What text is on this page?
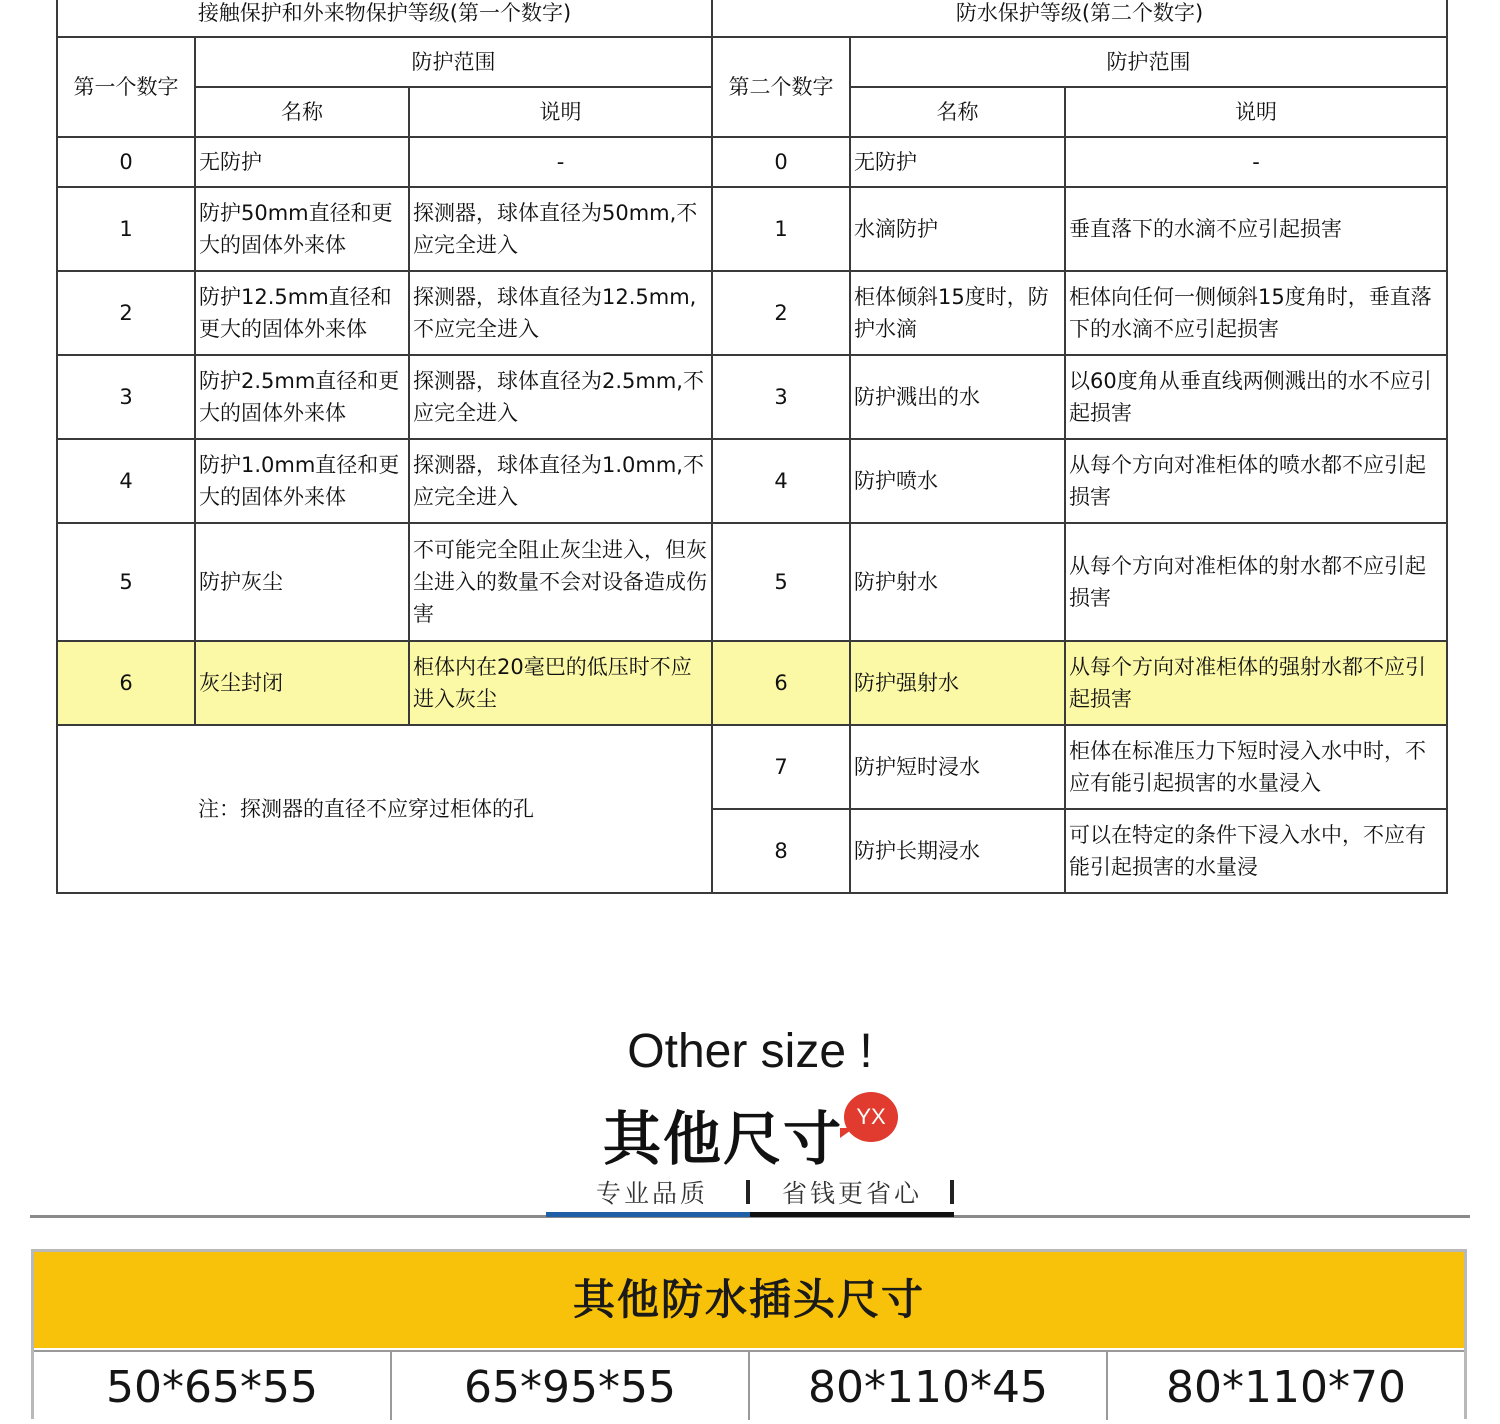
接触保护和外来物保护等级(第一个数字)			防水保护等级(第二个数字)		
第一个数字	防护范围		第二个数字	防护范围	
	名称	说明		名称	说明
0	无防护	-	0	无防护	-
1	防护50mm直径和更大的固体外来体	探测器，球体直径为50mm,不应完全进入	1	水滴防护	垂直落下的水滴不应引起损害
2	防护12.5mm直径和更大的固体外来体	探测器，球体直径为12.5mm,不应完全进入	2	柜体倾斜15度时，防护水滴	柜体向任何一侧倾斜15度角时，垂直落下的水滴不应引起损害
3	防护2.5mm直径和更大的固体外来体	探测器，球体直径为2.5mm,不应完全进入	3	防护溅出的水	以60度角从垂直线两侧溅出的水不应引起损害
4	防护1.0mm直径和更大的固体外来体	探测器，球体直径为1.0mm,不应完全进入	4	防护喷水	从每个方向对准柜体的喷水都不应引起损害
5	防护灰尘	不可能完全阻止灰尘进入，但灰尘进入的数量不会对设备造成伤害	5	防护射水	从每个方向对准柜体的射水都不应引起损害
6	灰尘封闭	柜体内在20毫巴的低压时不应进入灰尘	6	防护强射水	从每个方向对准柜体的强射水都不应引起损害
注：探测器的直径不应穿过柜体的孔			7	防护短时浸水	柜体在标准压力下短时浸入水中时，不应有能引起损害的水量浸入
			8	防护长期浸水	可以在特定的条件下浸入水中，不应有能引起损害的水量浸
Other size !
其他尺寸 YX
专业品质	省钱更省心
其他防水插头尺寸
50*65*55	65*95*55	80*110*45	80*110*70
